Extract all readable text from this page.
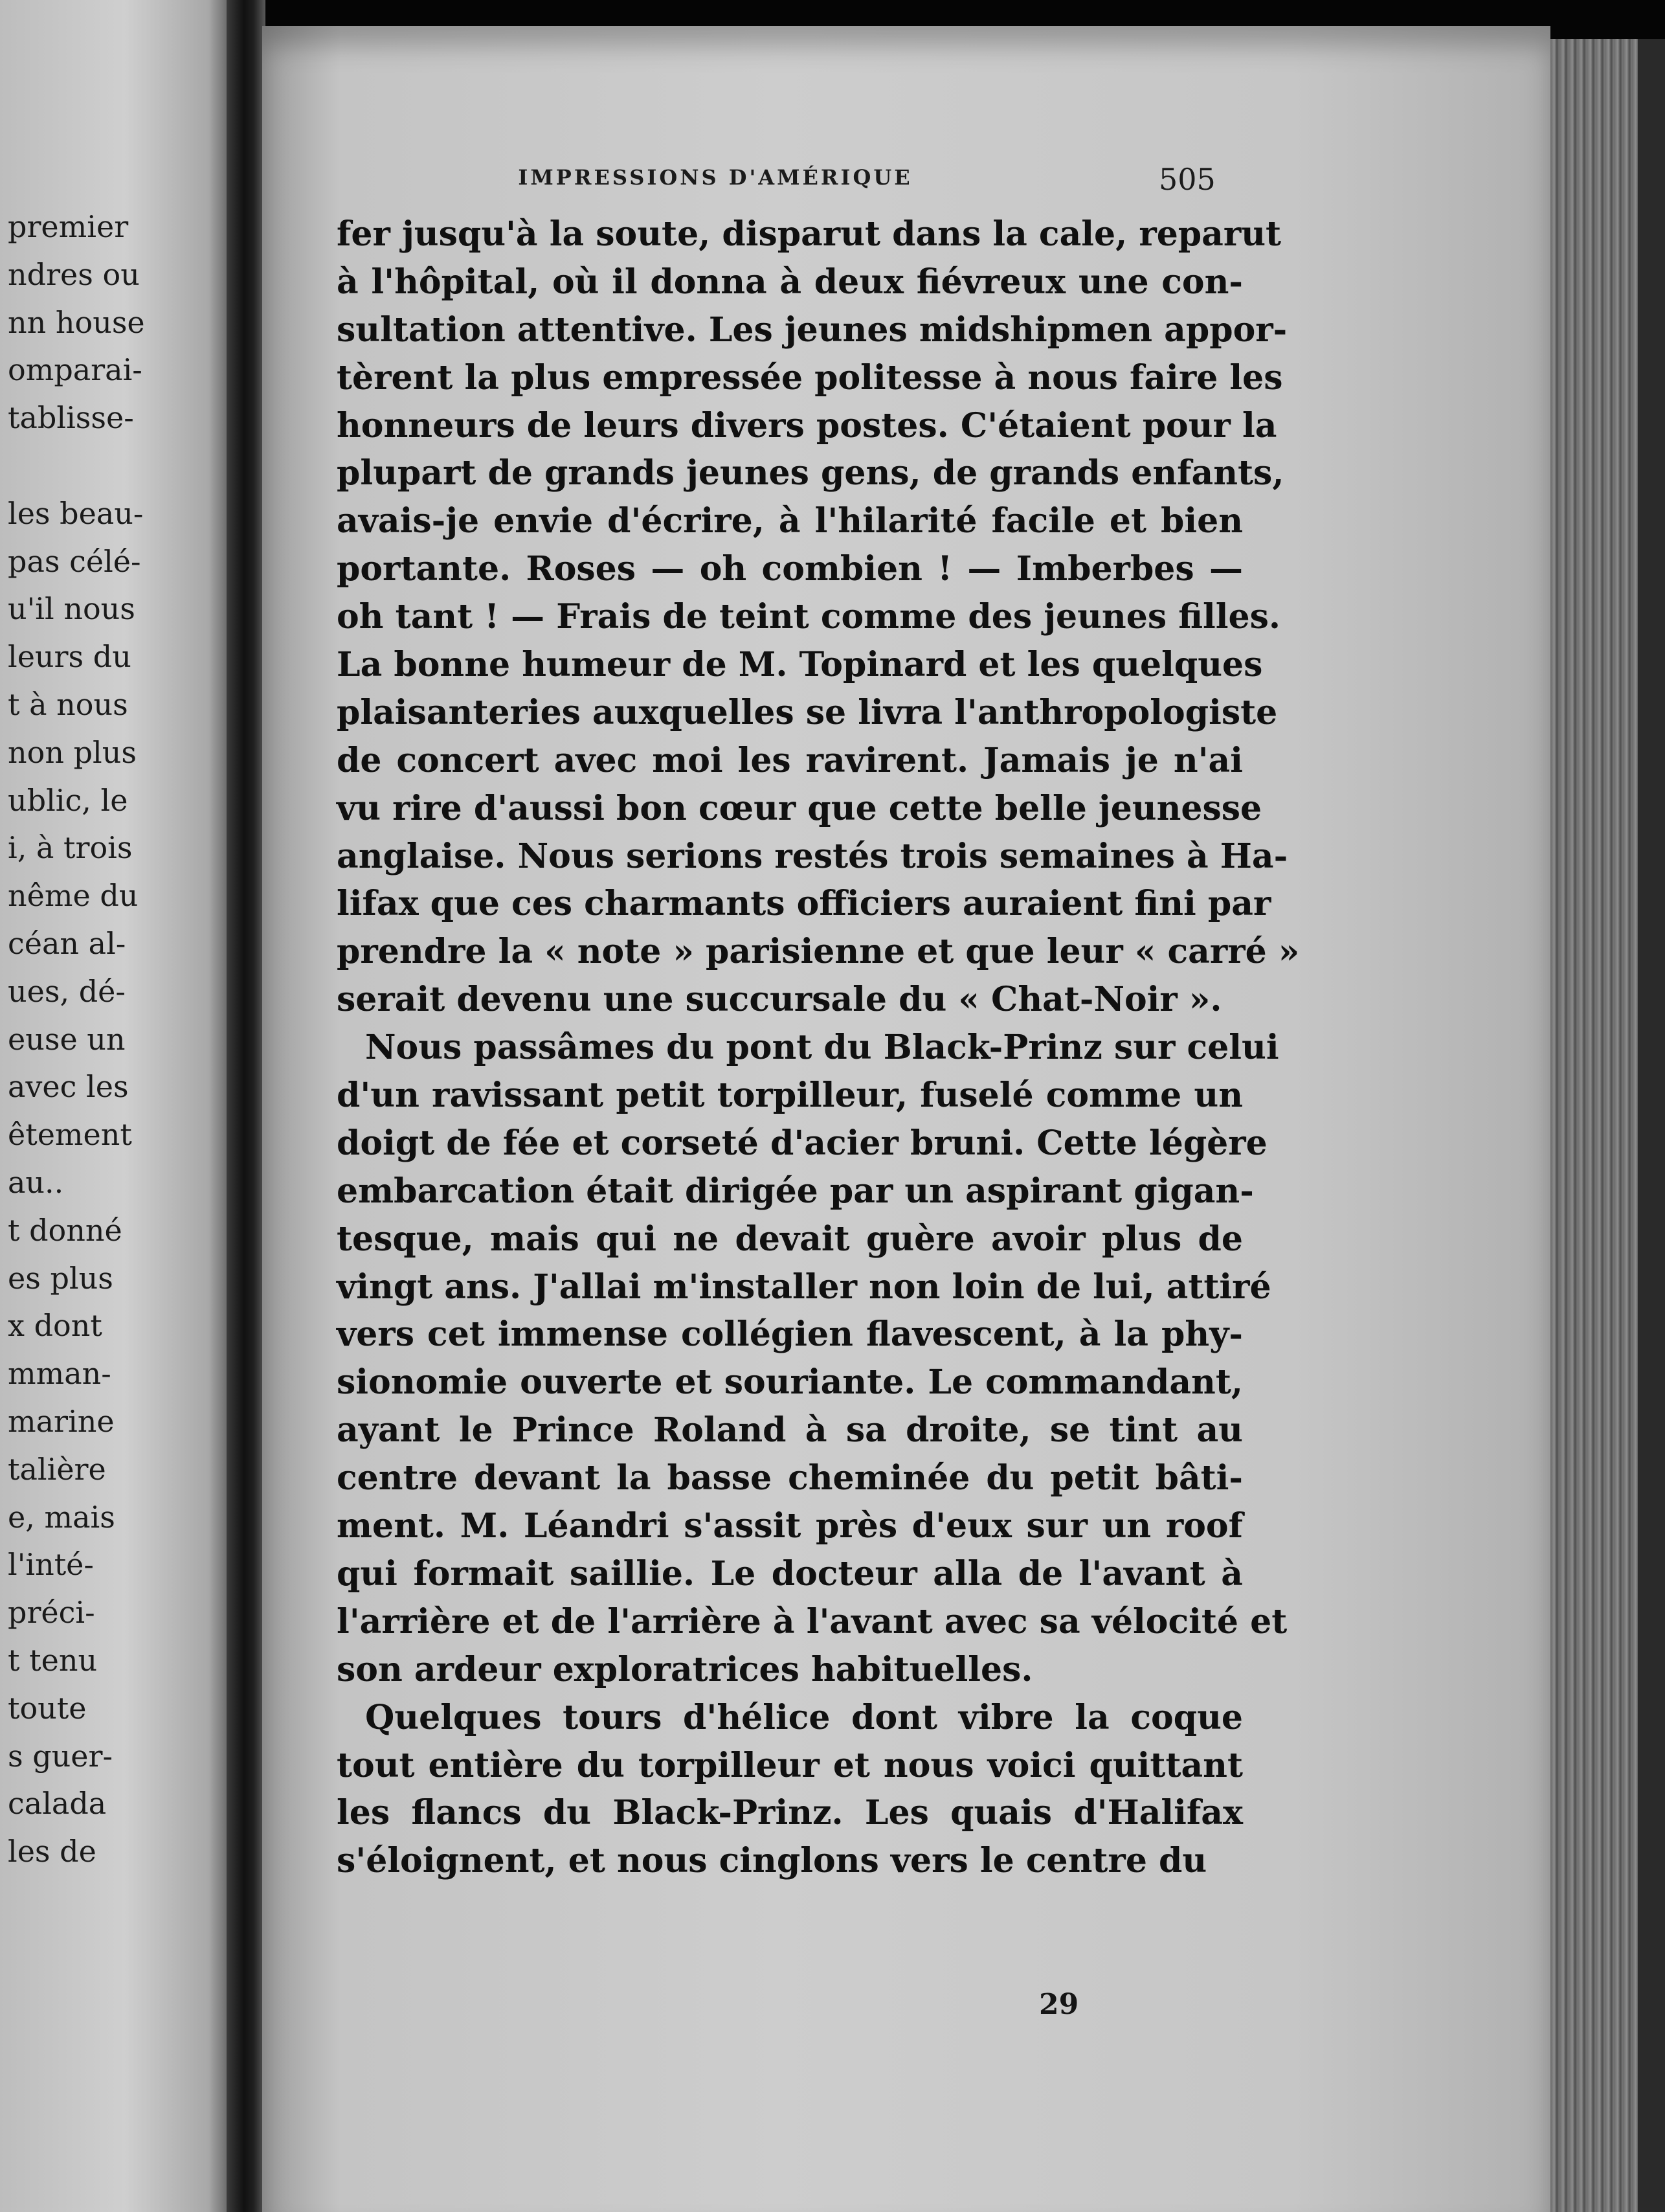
premier
ndres ou
nn house
omparai-
tablisse-
les beau-
pas célé-
u'il nous
leurs du
t à nous
non plus
ublic, le
i, à trois
nême du
céan al-
ues, dé-
euse un
avec les
êtement
au..
t donné
es plus
x dont
mman-
marine
talière
e, mais
l'inté-
préci-
t tenu
toute
s guer-
calada
les de
IMPRESSIONS D'AMÉRIQUE	505
fer jusqu'à la soute, disparut dans la cale, reparut
à l'hôpital, où il donna à deux fiévreux une con-
sultation attentive. Les jeunes midshipmen appor-
tèrent la plus empressée politesse à nous faire les
honneurs de leurs divers postes. C'étaient pour la
plupart de grands jeunes gens, de grands enfants,
avais-je envie d'écrire, à l'hilarité facile et bien
portante. Roses — oh combien ! — Imberbes —
oh tant ! — Frais de teint comme des jeunes filles.
La bonne humeur de M. Topinard et les quelques
plaisanteries auxquelles se livra l'anthropologiste
de concert avec moi les ravirent. Jamais je n'ai
vu rire d'aussi bon cœur que cette belle jeunesse
anglaise. Nous serions restés trois semaines à Ha-
lifax que ces charmants officiers auraient fini par
prendre la « note » parisienne et que leur « carré »
serait devenu une succursale du « Chat-Noir ».
Nous passâmes du pont du Black-Prinz sur celui
d'un ravissant petit torpilleur, fuselé comme un
doigt de fée et corseté d'acier bruni. Cette légère
embarcation était dirigée par un aspirant gigan-
tesque, mais qui ne devait guère avoir plus de
vingt ans. J'allai m'installer non loin de lui, attiré
vers cet immense collégien flavescent, à la phy-
sionomie ouverte et souriante. Le commandant,
ayant le Prince Roland à sa droite, se tint au
centre devant la basse cheminée du petit bâti-
ment. M. Léandri s'assit près d'eux sur un roof
qui formait saillie. Le docteur alla de l'avant à
l'arrière et de l'arrière à l'avant avec sa vélocité et
son ardeur exploratrices habituelles.
Quelques tours d'hélice dont vibre la coque
tout entière du torpilleur et nous voici quittant
les flancs du Black-Prinz. Les quais d'Halifax
s'éloignent, et nous cinglons vers le centre du
29
